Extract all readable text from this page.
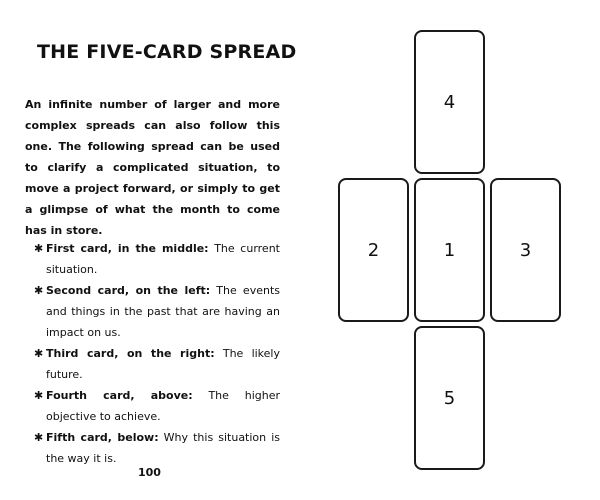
THE FIVE-CARD SPREAD

An infinite number of larger and more complex spreads can also follow this one. The following spread can be used to clarify a complicated situation, to move a project forward, or simply to get a glimpse of what the month to come has in store.

✱ First card, in the middle: The current situation.
✱ Second card, on the left: The events and things in the past that are having an impact on us.
✱ Third card, on the right: The likely future.
✱ Fourth card, above: The higher objective to achieve.
✱ Fifth card, below: Why this situation is the way it is.
100
4
2	1	3
5
